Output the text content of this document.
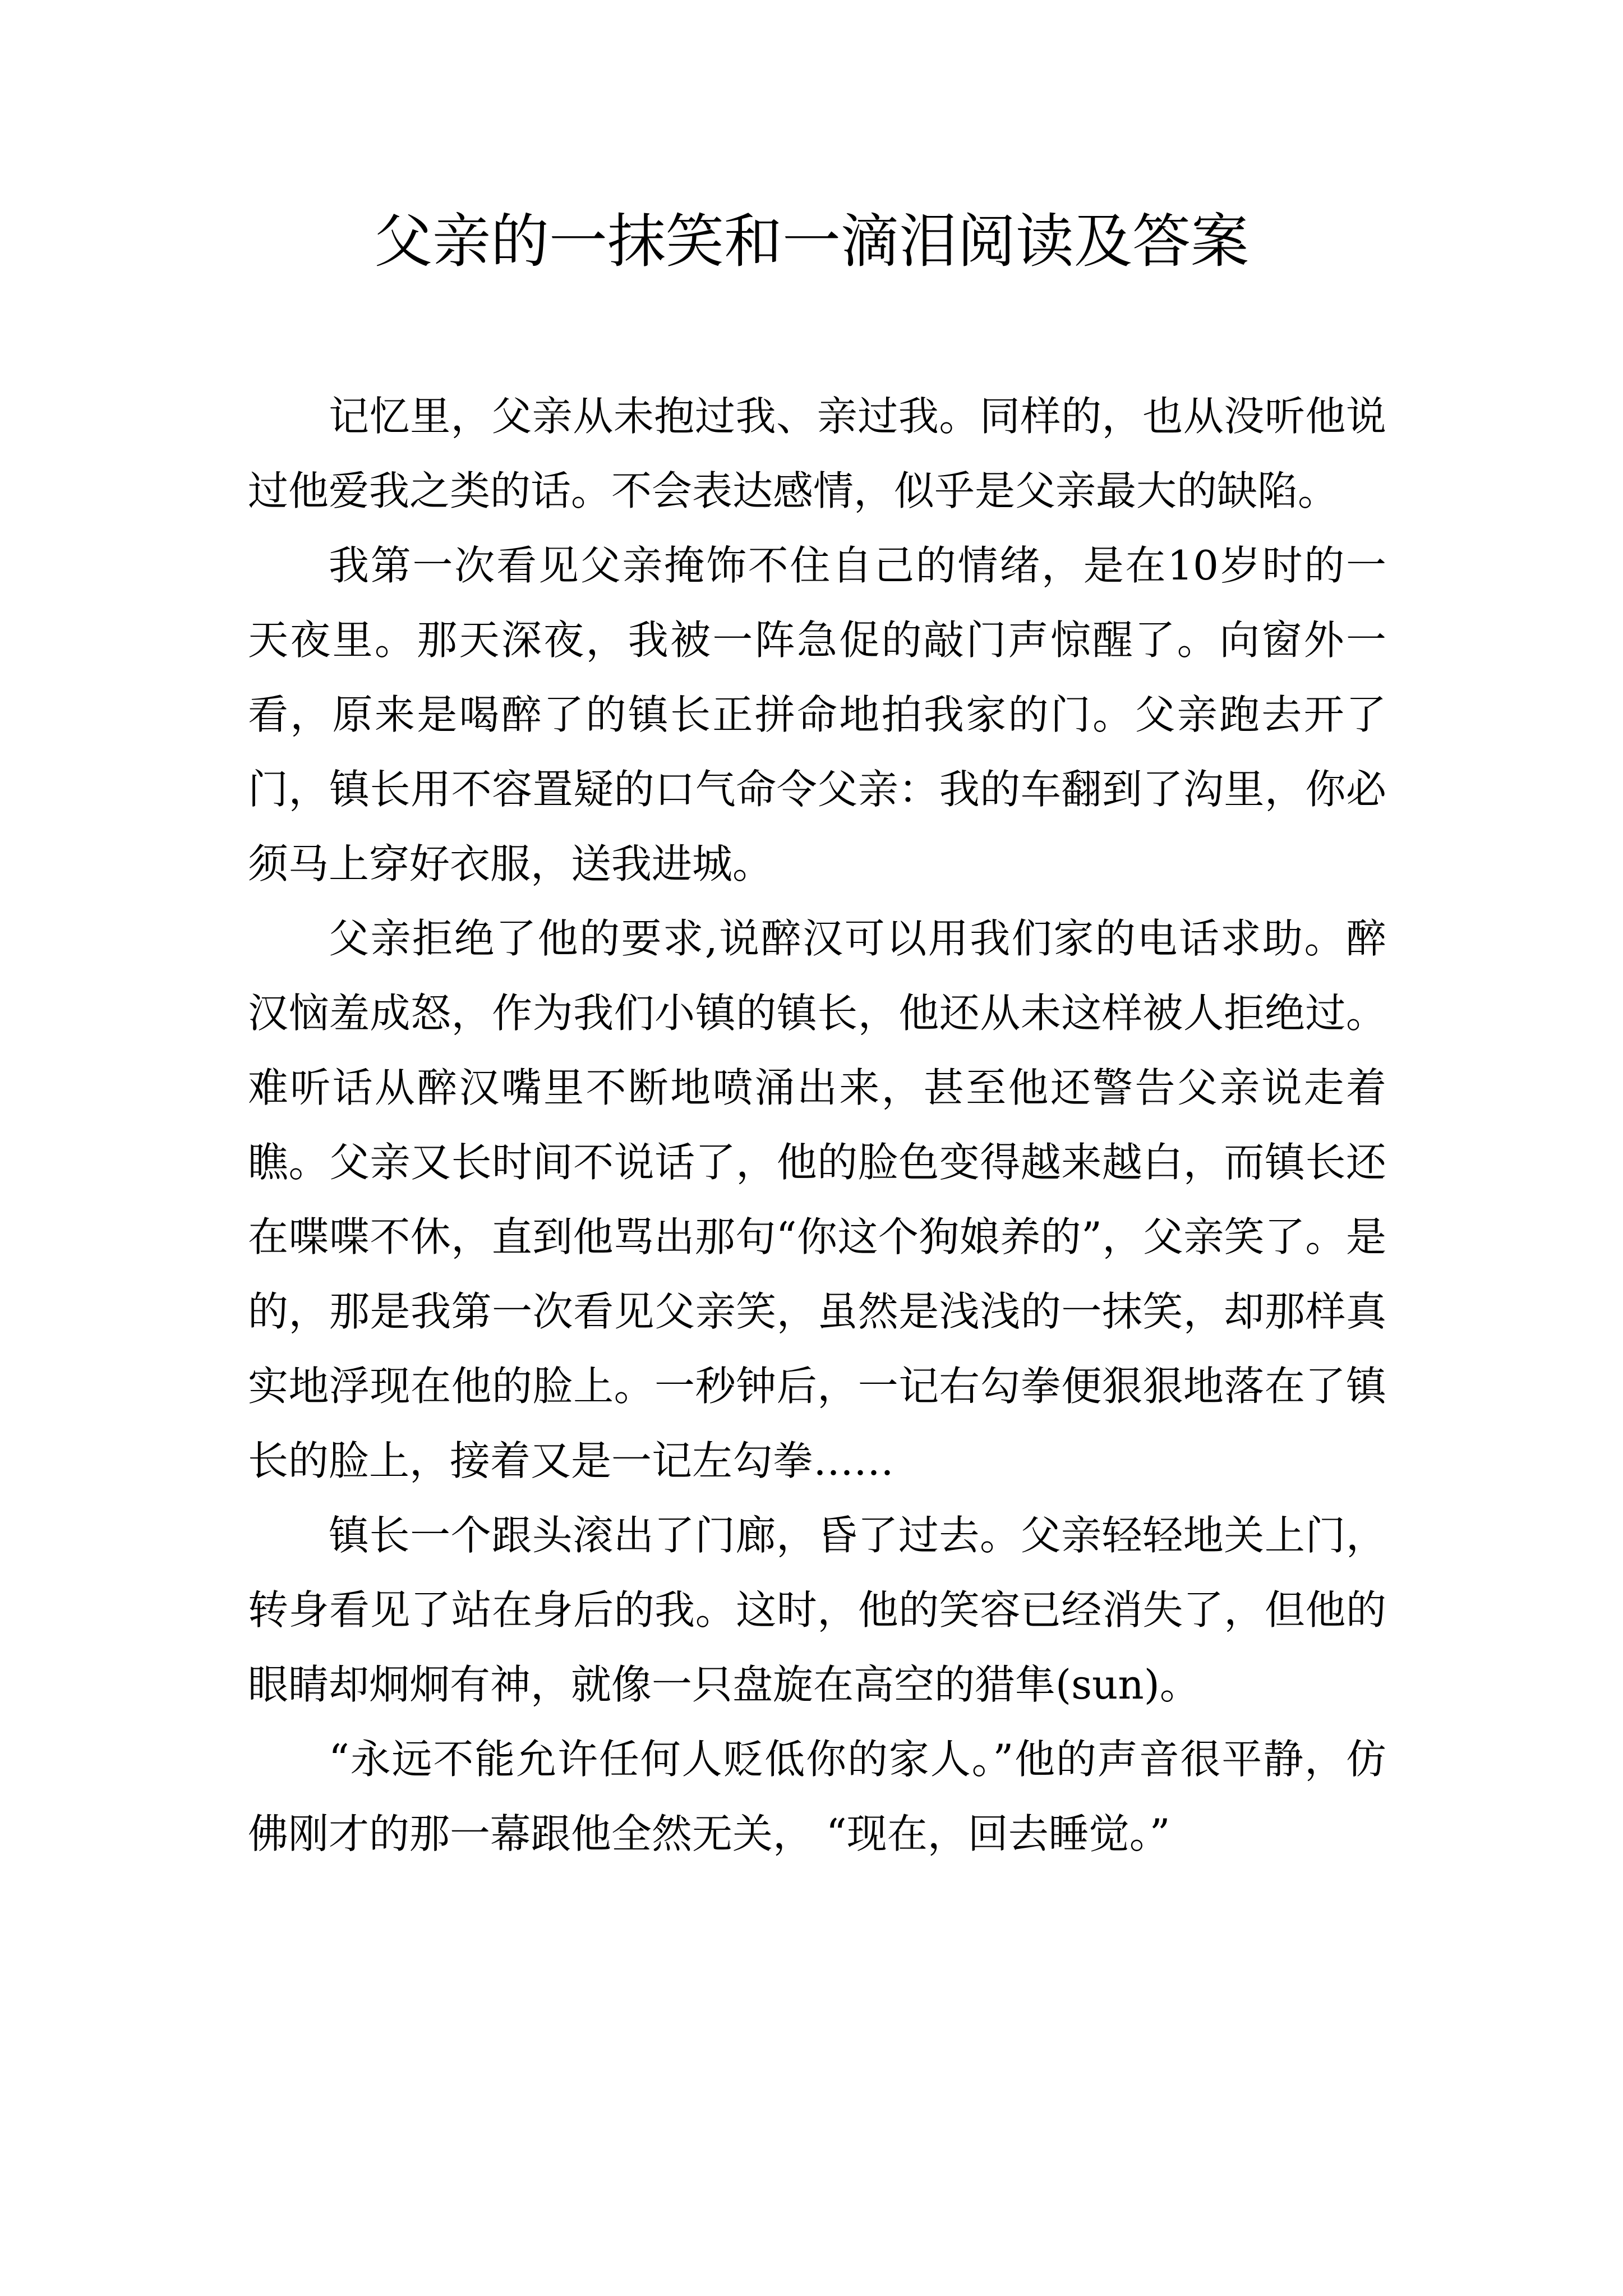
父亲的一抹笑和一滴泪阅读及答案

记忆里，父亲从未抱过我、亲过我。同样的，也从没听他说过他爱我之类的话。不会表达感情，似乎是父亲最大的缺陷。

我第一次看见父亲掩饰不住自己的情绪，是在10岁时的一天夜里。那天深夜，我被一阵急促的敲门声惊醒了。向窗外一看，原来是喝醉了的镇长正拼命地拍我家的门。父亲跑去开了门，镇长用不容置疑的口气命令父亲：我的车翻到了沟里，你必须马上穿好衣服，送我进城。

父亲拒绝了他的要求,说醉汉可以用我们家的电话求助。醉汉恼羞成怒，作为我们小镇的镇长，他还从未这样被人拒绝过。难听话从醉汉嘴里不断地喷涌出来，甚至他还警告父亲说走着瞧。父亲又长时间不说话了，他的脸色变得越来越白，而镇长还在喋喋不休，直到他骂出那句“你这个狗娘养的”，父亲笑了。是的，那是我第一次看见父亲笑，虽然是浅浅的一抹笑，却那样真实地浮现在他的脸上。一秒钟后，一记右勾拳便狠狠地落在了镇长的脸上，接着又是一记左勾拳……

镇长一个跟头滚出了门廊，昏了过去。父亲轻轻地关上门，转身看见了站在身后的我。这时，他的笑容已经消失了，但他的眼睛却炯炯有神，就像一只盘旋在高空的猎隼(sun)。

“永远不能允许任何人贬低你的家人。”他的声音很平静，仿佛刚才的那一幕跟他全然无关， “现在，回去睡觉。”
